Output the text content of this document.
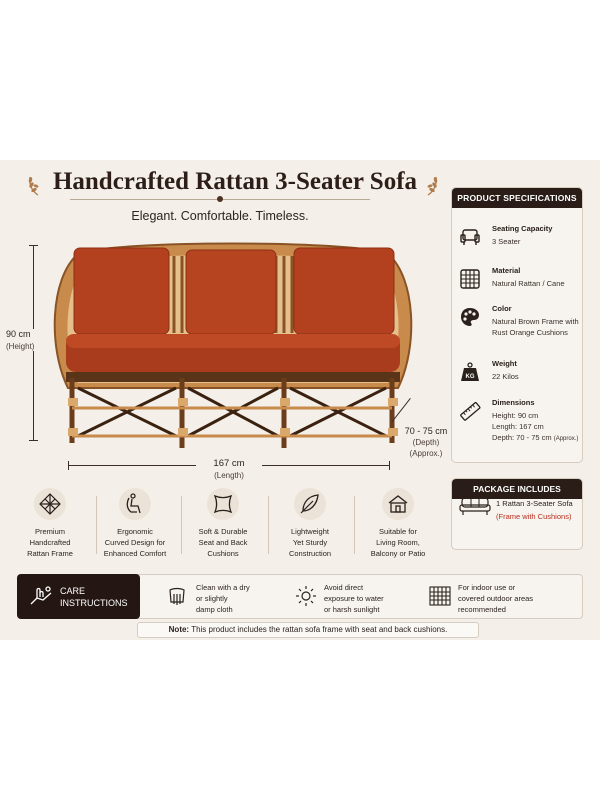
Handcrafted Rattan 3-Seater Sofa
Elegant. Comfortable. Timeless.
90 cm
(Height)
167 cm
(Length)
70 - 75 cm
(Depth)
(Approx.)
PRODUCT SPECIFICATIONS
Seating Capacity
3 Seater
Material
Natural Rattan / Cane
Color
Natural Brown Frame with Rust Orange Cushions
KG
Weight
22 Kilos
Dimensions
Height: 90 cm
Length: 167 cm
Depth: 70 - 75 cm (Approx.)
PACKAGE INCLUDES
1 Rattan 3-Seater Sofa
(Frame with Cushions)
Premium
Handcrafted
Rattan Frame
Ergonomic
Curved Design for
Enhanced Comfort
Soft & Durable
Seat and Back
Cushions
Lightweight
Yet Sturdy
Construction
Suitable for
Living Room,
Balcony or Patio
CARE
INSTRUCTIONS
Clean with a dry
or slightly
damp cloth
Avoid direct
exposure to water
or harsh sunlight
For indoor use or
covered outdoor areas
recommended
Note: This product includes the rattan sofa frame with seat and back cushions.
